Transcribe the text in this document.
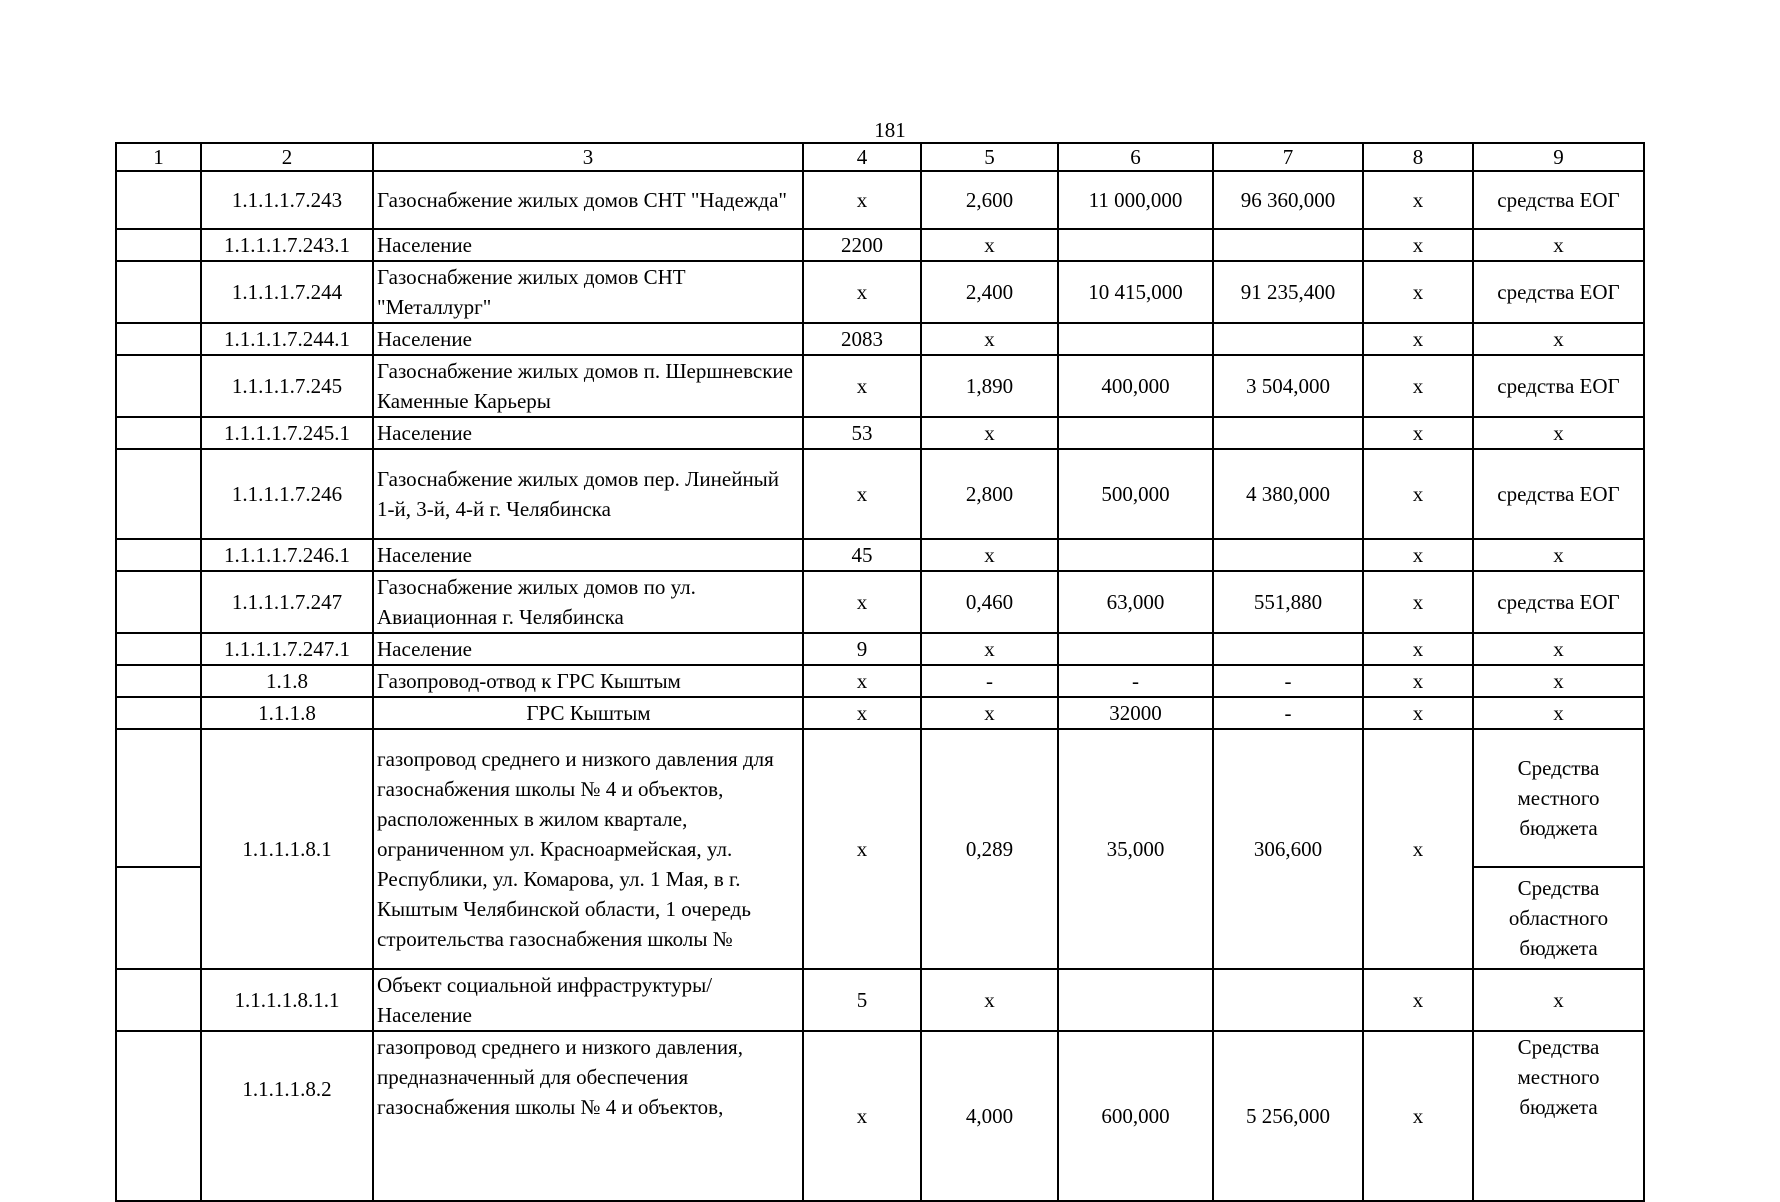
181
1	2	3	4	5	6	7	8	9
	1.1.1.1.7.243	Газоснабжение жилых домов СНТ "Надежда"	х	2,600	11 000,000	96 360,000	х	средства ЕОГ
	1.1.1.1.7.243.1	Население	2200	х			х	х
	1.1.1.1.7.244	Газоснабжение жилых домов СНТ "Металлург"	х	2,400	10 415,000	91 235,400	х	средства ЕОГ
	1.1.1.1.7.244.1	Население	2083	х			х	х
	1.1.1.1.7.245	Газоснабжение жилых домов п. Шершневские Каменные Карьеры	х	1,890	400,000	3 504,000	х	средства ЕОГ
	1.1.1.1.7.245.1	Население	53	х			х	х
	1.1.1.1.7.246	Газоснабжение жилых домов пер. Линейный 1-й, 3-й, 4-й г. Челябинска	х	2,800	500,000	4 380,000	х	средства ЕОГ
	1.1.1.1.7.246.1	Население	45	х			х	х
	1.1.1.1.7.247	Газоснабжение жилых домов по ул. Авиационная г. Челябинска	х	0,460	63,000	551,880	х	средства ЕОГ
	1.1.1.1.7.247.1	Население	9	х			х	х
	1.1.8	Газопровод-отвод к ГРС Кыштым	х	-	-	-	х	х
	1.1.1.8	ГРС Кыштым	х	х	32000	-	х	х
	1.1.1.1.8.1	газопровод среднего и низкого давления для газоснабжения школы № 4 и объектов, расположенных в жилом квартале, ограниченном ул. Красноармейская, ул. Республики, ул. Комарова, ул. 1 Мая, в г. Кыштым Челябинской области, 1 очередь строительства газоснабжения школы №	х	0,289	35,000	306,600	х	Средства местного бюджета
								Средства областного бюджета
	1.1.1.1.8.1.1	Объект социальной инфраструктуры/Население	5	х			х	х
	1.1.1.1.8.2	газопровод среднего и низкого давления, предназначенный для обеспечения газоснабжения школы № 4 и объектов,	х	4,000	600,000	5 256,000	х	Средства местного бюджета
